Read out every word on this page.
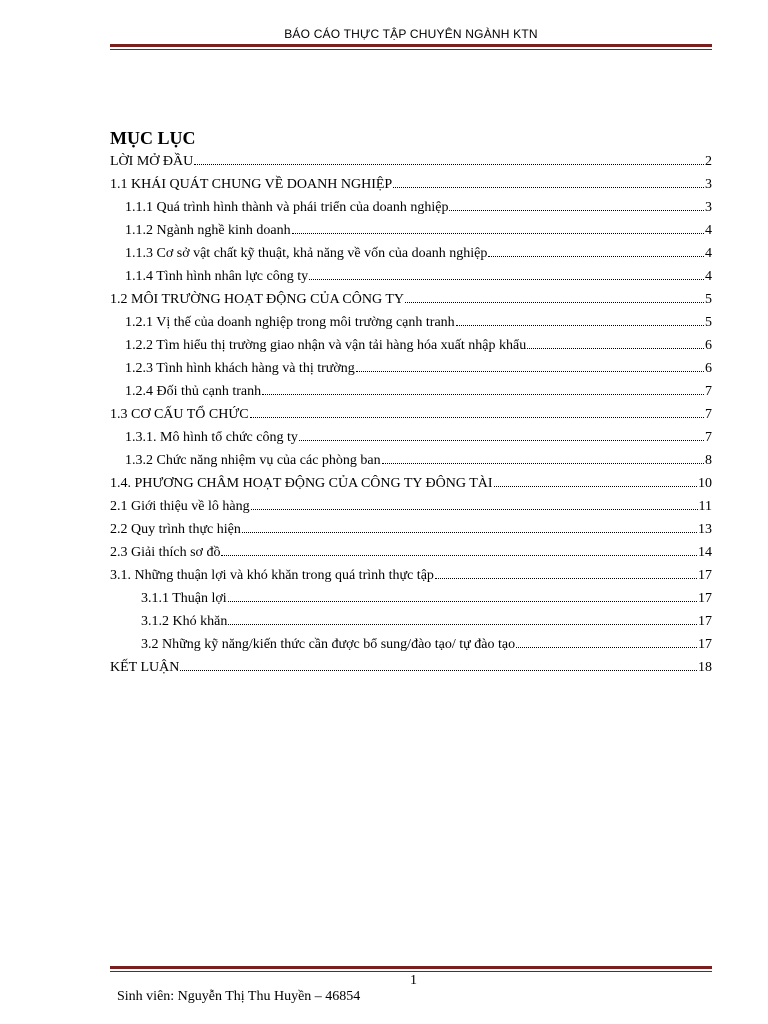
BÁO CÁO THỰC TẬP CHUYÊN NGÀNH KTN
MỤC LỤC
LỜI MỞ ĐẦU	2
1.1 KHÁI QUÁT CHUNG VỀ DOANH NGHIỆP	3
1.1.1 Quá trình hình thành và phái triển của doanh nghiệp	3
1.1.2 Ngành nghề kinh doanh	4
1.1.3 Cơ sở vật chất kỹ thuật, khả năng về vốn của doanh nghiệp	4
1.1.4 Tình hình nhân lực công ty	4
1.2 MÔI TRƯỜNG HOẠT ĐỘNG CỦA CÔNG TY	5
1.2.1 Vị thế của doanh nghiệp trong môi trường cạnh tranh	5
1.2.2 Tìm hiểu thị trường giao nhận và vận tải hàng hóa xuất nhập khẩu	6
1.2.3 Tình hình khách hàng và thị trường	6
1.2.4 Đối thủ cạnh tranh	7
1.3 CƠ CẤU TỔ CHỨC	7
1.3.1. Mô hình tổ chức công ty	7
1.3.2 Chức năng nhiệm vụ của các phòng ban	8
1.4. PHƯƠNG CHÂM HOẠT ĐỘNG CỦA CÔNG TY ĐÔNG TÀI	10
2.1 Giới thiệu về lô hàng	11
2.2 Quy trình thực hiện	13
2.3 Giải thích sơ đồ	14
3.1. Những thuận lợi và khó khăn trong quá trình thực tập	17
3.1.1 Thuận lợi	17
3.1.2 Khó khăn	17
3.2 Những kỹ năng/kiến thức cần được bổ sung/đào tạo/ tự đào tạo	17
KẾT LUẬN	18

Sinh viên: Nguyễn Thị Thu Huyền – 46854

1
